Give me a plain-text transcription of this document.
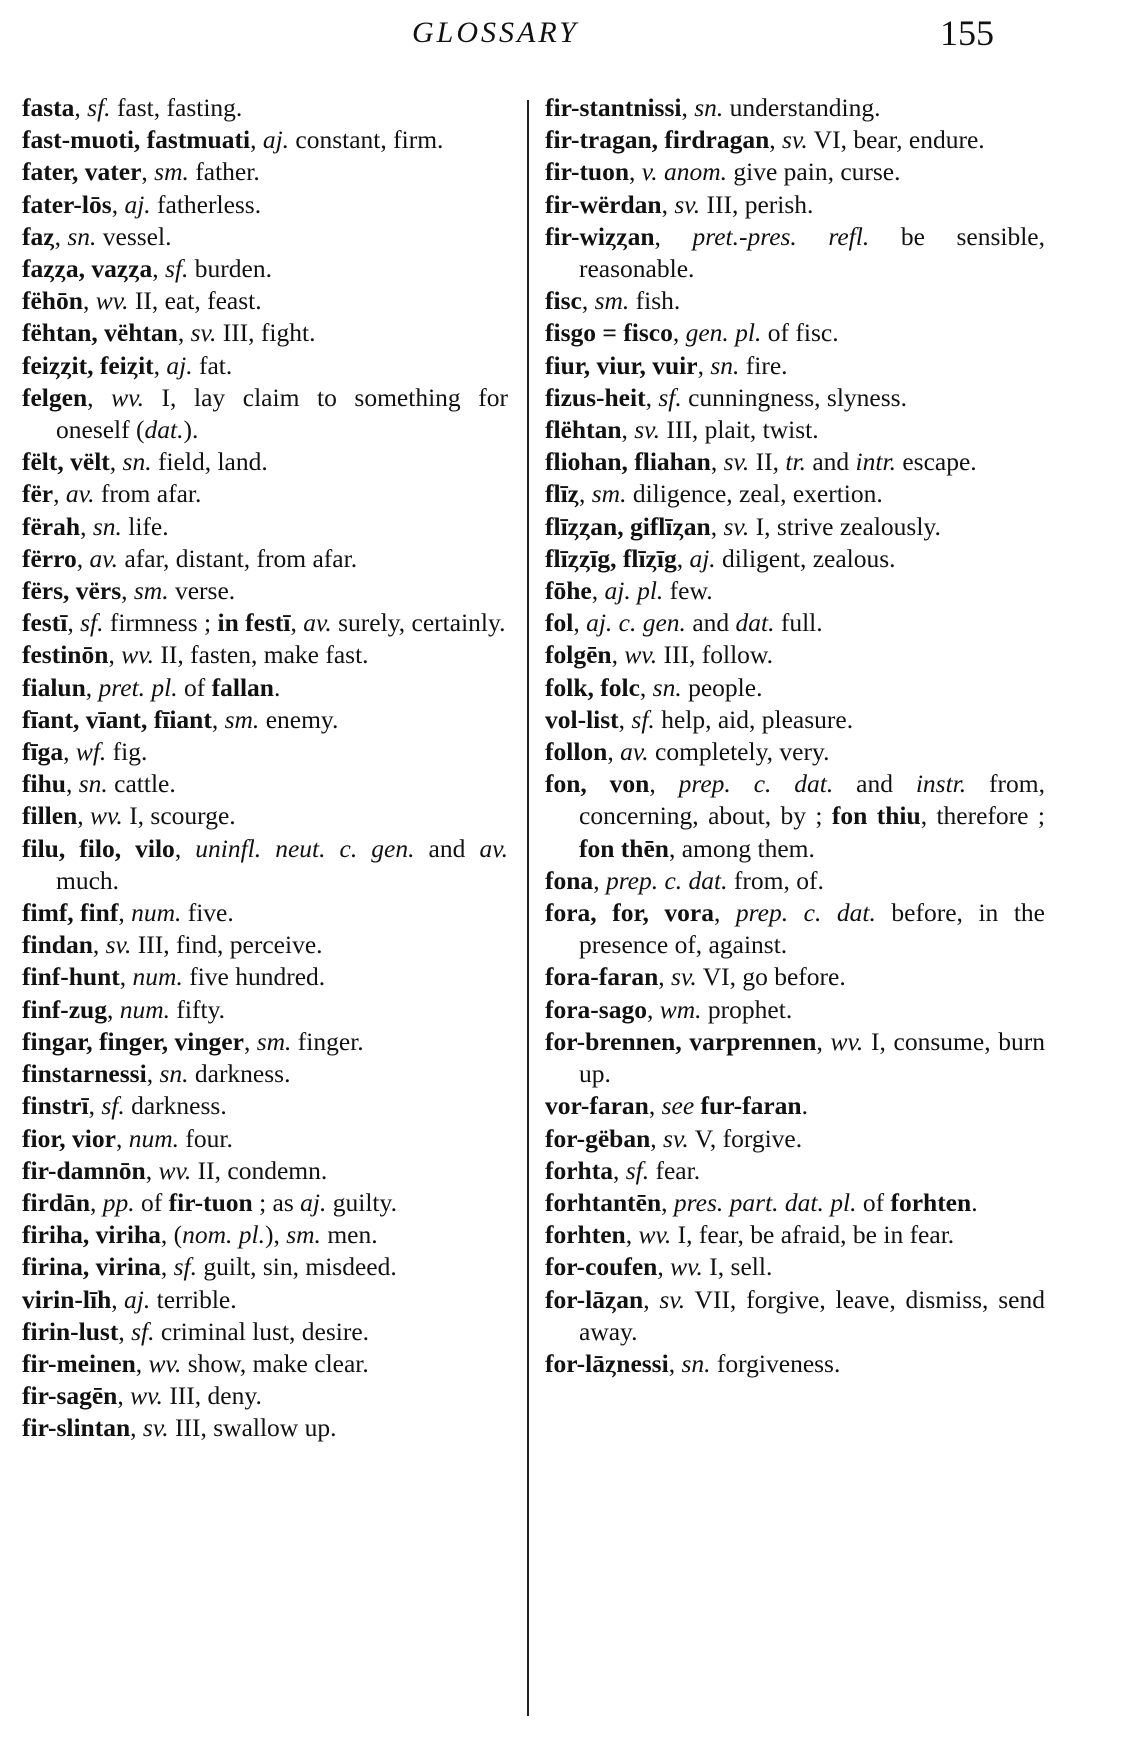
GLOSSARY	155
fasta, sf. fast, fasting.
fast-muoti, fastmuati, aj. constant, firm.
fater, vater, sm. father.
fater-lōs, aj. fatherless.
faȥ, sn. vessel.
faȥȥa, vaȥȥa, sf. burden.
fëhōn, wv. II, eat, feast.
fëhtan, vëhtan, sv. III, fight.
feiȥȥit, feiȥit, aj. fat.
felgen, wv. I, lay claim to something for oneself (dat.).
fëlt, vëlt, sn. field, land.
fër, av. from afar.
fërah, sn. life.
fërro, av. afar, distant, from afar.
fërs, vërs, sm. verse.
festī, sf. firmness ; in festī, av. surely, certainly.
festinōn, wv. II, fasten, make fast.
fialun, pret. pl. of fallan.
fīant, vīant, fīiant, sm. enemy.
fīga, wf. fig.
fihu, sn. cattle.
fillen, wv. I, scourge.
filu, filo, vilo, uninfl. neut. c. gen. and av. much.
fimf, finf, num. five.
findan, sv. III, find, perceive.
finf-hunt, num. five hundred.
finf-zug, num. fifty.
fingar, finger, vinger, sm. finger.
finstarnessi, sn. darkness.
finstrī, sf. darkness.
fior, vior, num. four.
fir-damnōn, wv. II, condemn.
firdān, pp. of fir-tuon ; as aj. guilty.
firiha, viriha, (nom. pl.), sm. men.
firina, virina, sf. guilt, sin, misdeed.
virin-līh, aj. terrible.
firin-lust, sf. criminal lust, desire.
fir-meinen, wv. show, make clear.
fir-sagēn, wv. III, deny.
fir-slintan, sv. III, swallow up.
fir-stantnissi, sn. understanding.
fir-tragan, firdragan, sv. VI, bear, endure.
fir-tuon, v. anom. give pain, curse.
fir-wërdan, sv. III, perish.
fir-wiȥȥan, pret.-pres. refl. be sensible, reasonable.
fisc, sm. fish.
fisgo = fisco, gen. pl. of fisc.
fiur, viur, vuir, sn. fire.
fizus-heit, sf. cunningness, slyness.
flëhtan, sv. III, plait, twist.
fliohan, fliahan, sv. II, tr. and intr. escape.
flīȥ, sm. diligence, zeal, exertion.
flīȥȥan, giflīȥan, sv. I, strive zealously.
flīȥȥīg, flīȥīg, aj. diligent, zealous.
fōhe, aj. pl. few.
fol, aj. c. gen. and dat. full.
folgēn, wv. III, follow.
folk, folc, sn. people.
vol-list, sf. help, aid, pleasure.
follon, av. completely, very.
fon, von, prep. c. dat. and instr. from, concerning, about, by ; fon thiu, therefore ; fon thēn, among them.
fona, prep. c. dat. from, of.
fora, for, vora, prep. c. dat. before, in the presence of, against.
fora-faran, sv. VI, go before.
fora-sago, wm. prophet.
for-brennen, varprennen, wv. I, consume, burn up.
vor-faran, see fur-faran.
for-gëban, sv. V, forgive.
forhta, sf. fear.
forhtantēn, pres. part. dat. pl. of forhten.
forhten, wv. I, fear, be afraid, be in fear.
for-coufen, wv. I, sell.
for-lāȥan, sv. VII, forgive, leave, dismiss, send away.
for-lāȥnessi, sn. forgiveness.
